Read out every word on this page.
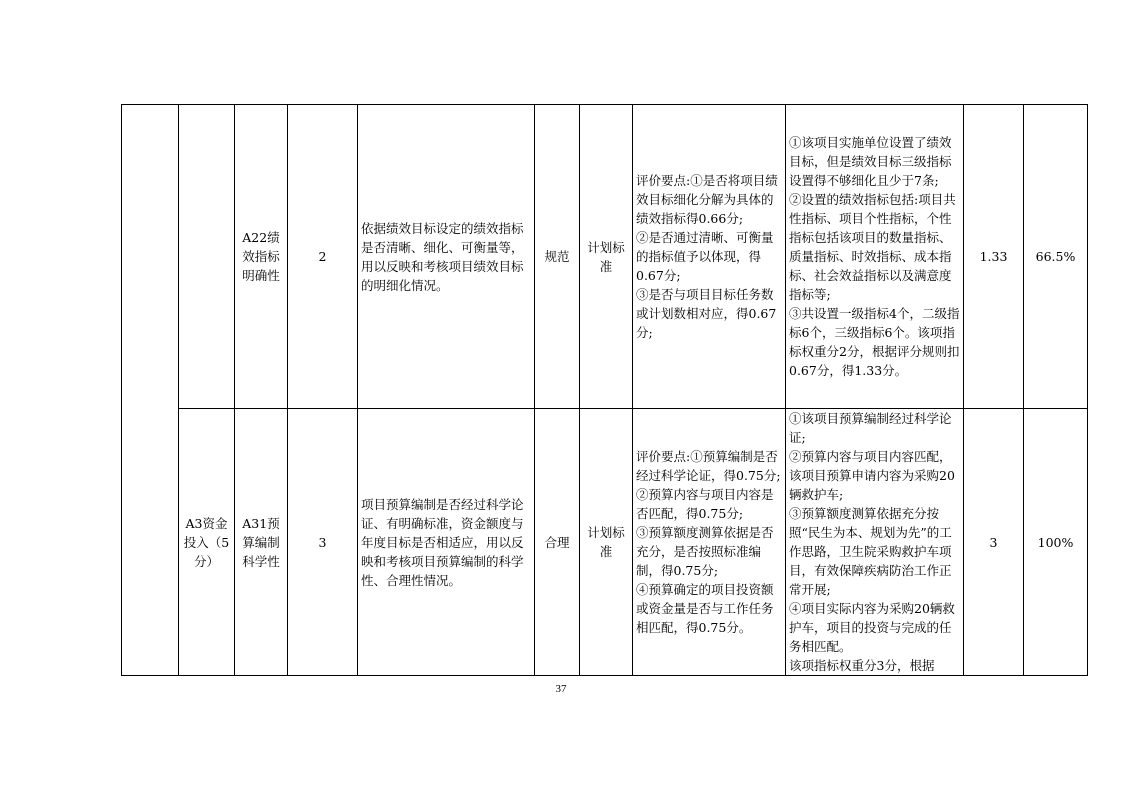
		A22绩效指标明确性	2	依据绩效目标设定的绩效指标是否清晰、细化、可衡量等，用以反映和考核项目绩效目标的明细化情况。	规范	计划标准	评价要点:①是否将项目绩效目标细化分解为具体的绩效指标得0.66分;
②是否通过清晰、可衡量的指标值予以体现，得0.67分;
③是否与项目目标任务数或计划数相对应，得0.67分;	①该项目实施单位设置了绩效目标，但是绩效目标三级指标设置得不够细化且少于7条;
②设置的绩效指标包括:项目共性指标、项目个性指标，个性指标包括该项目的数量指标、质量指标、时效指标、成本指标、社会效益指标以及满意度指标等;
③共设置一级指标4个，二级指标6个，三级指标6个。该项指标权重分2分，根据评分规则扣0.67分，得1.33分。	1.33	66.5%
	A3资金投入（5分）	A31预算编制科学性	3	项目预算编制是否经过科学论证、有明确标准，资金额度与年度目标是否相适应，用以反映和考核项目预算编制的科学性、合理性情况。	合理	计划标准	评价要点:①预算编制是否经过科学论证，得0.75分;
②预算内容与项目内容是否匹配，得0.75分;
③预算额度测算依据是否充分，是否按照标准编制，得0.75分;
④预算确定的项目投资额或资金量是否与工作任务相匹配，得0.75分。	①该项目预算编制经过科学论证;
②预算内容与项目内容匹配，该项目预算申请内容为采购20辆救护车;
③预算额度测算依据充分按照“民生为本、规划为先”的工作思路，卫生院采购救护车项目，有效保障疾病防治工作正常开展;
④项目实际内容为采购20辆救护车，项目的投资与完成的任务相匹配。
该项指标权重分3分，根据	3	100%
37
